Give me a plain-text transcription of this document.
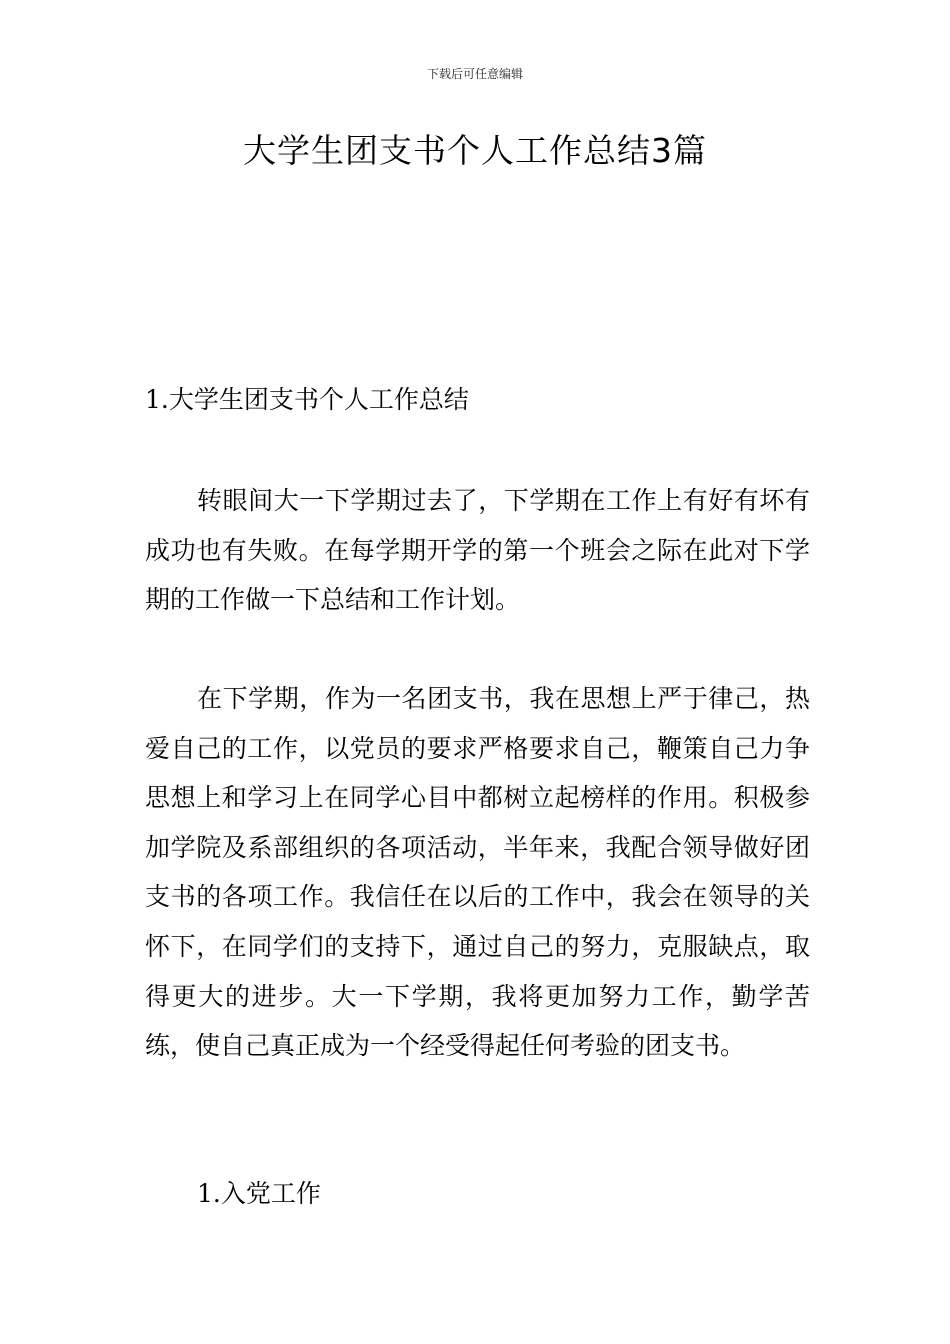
下载后可任意编辑
大学生团支书个人工作总结3篇
1.大学生团支书个人工作总结

转眼间大一下学期过去了，下学期在工作上有好有坏有成功也有失败。在每学期开学的第一个班会之际在此对下学期的工作做一下总结和工作计划。

在下学期，作为一名团支书，我在思想上严于律己，热爱自己的工作，以党员的要求严格要求自己，鞭策自己力争思想上和学习上在同学心目中都树立起榜样的作用。积极参加学院及系部组织的各项活动，半年来，我配合领导做好团支书的各项工作。我信任在以后的工作中，我会在领导的关怀下，在同学们的支持下，通过自己的努力，克服缺点，取得更大的进步。大一下学期，我将更加努力工作，勤学苦练，使自己真正成为一个经受得起任何考验的团支书。

1.入党工作
